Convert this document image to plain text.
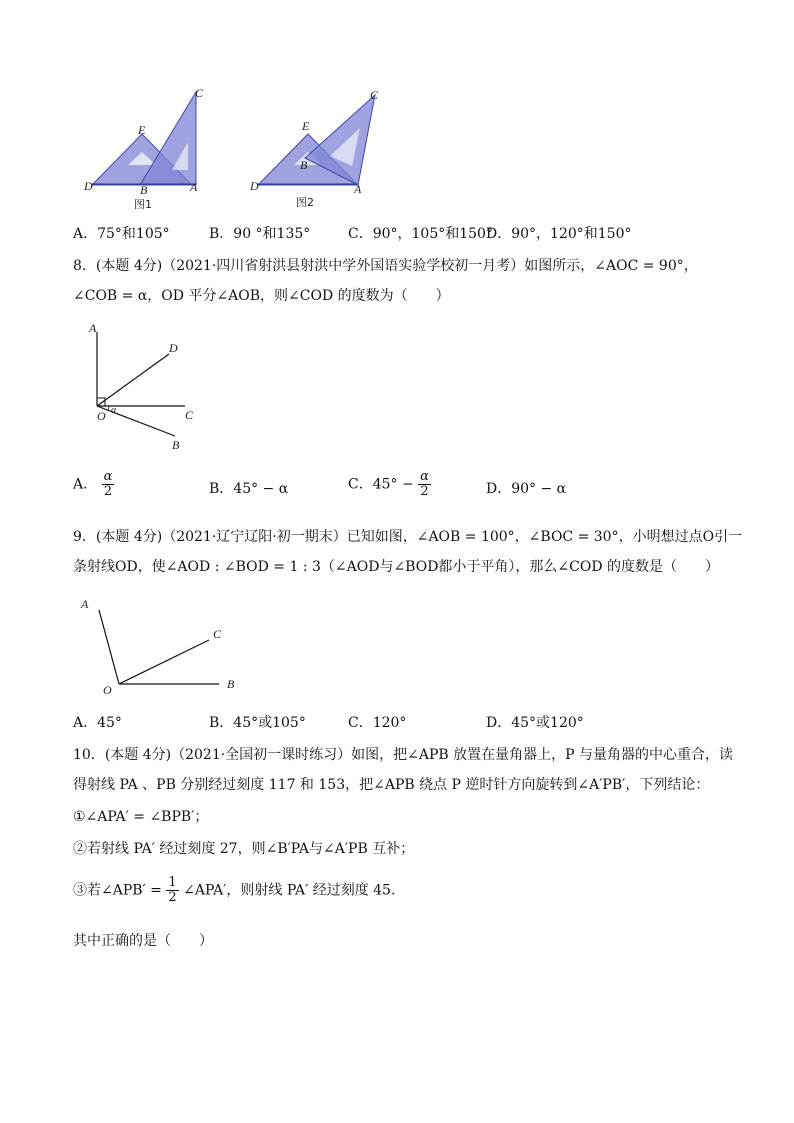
C
E
D	B	A
图1
C
E
B
D	A
图2
A．75°和105°	B．90 °和135°	C．90°，105°和150°
D．90°，120°和150°
8．(本题 4分)（2021·四川省射洪县射洪中学外国语实验学校初一月考）如图所示，∠AOC = 90°，
∠COB = α，OD 平分∠AOB，则∠COD 的度数为（　　）
A
D
O α	C
B
A． $\frac{\alpha}{2}$	B．45° − α	C．$45^\circ - \frac{\alpha}{2}$	D．90° − α
9．(本题 4分)（2021·辽宁辽阳·初一期末）已知如图，∠AOB = 100°，∠BOC = 30°，小明想过点O引一
条射线OD，使∠AOD : ∠BOD = 1 : 3（∠AOD与∠BOD都小于平角），那么∠COD 的度数是（　　）
A
C
O	B
A．45°	B．45°或105°	C．120°	D．45°或120°
10．(本题 4分)（2021·全国初一课时练习）如图，把∠APB 放置在量角器上，P 与量角器的中心重合，读
得射线 PA 、PB 分别经过刻度 117 和 153，把∠APB 绕点 P 逆时针方向旋转到∠A′PB′，下列结论：
①∠APA′ = ∠BPB′；
②若射线 PA′ 经过刻度 27，则∠B′PA与∠A′PB 互补；
③若∠APB′ = $\frac{1}{2}$ ∠APA′，则射线 PA′ 经过刻度 45.
其中正确的是（　　）
